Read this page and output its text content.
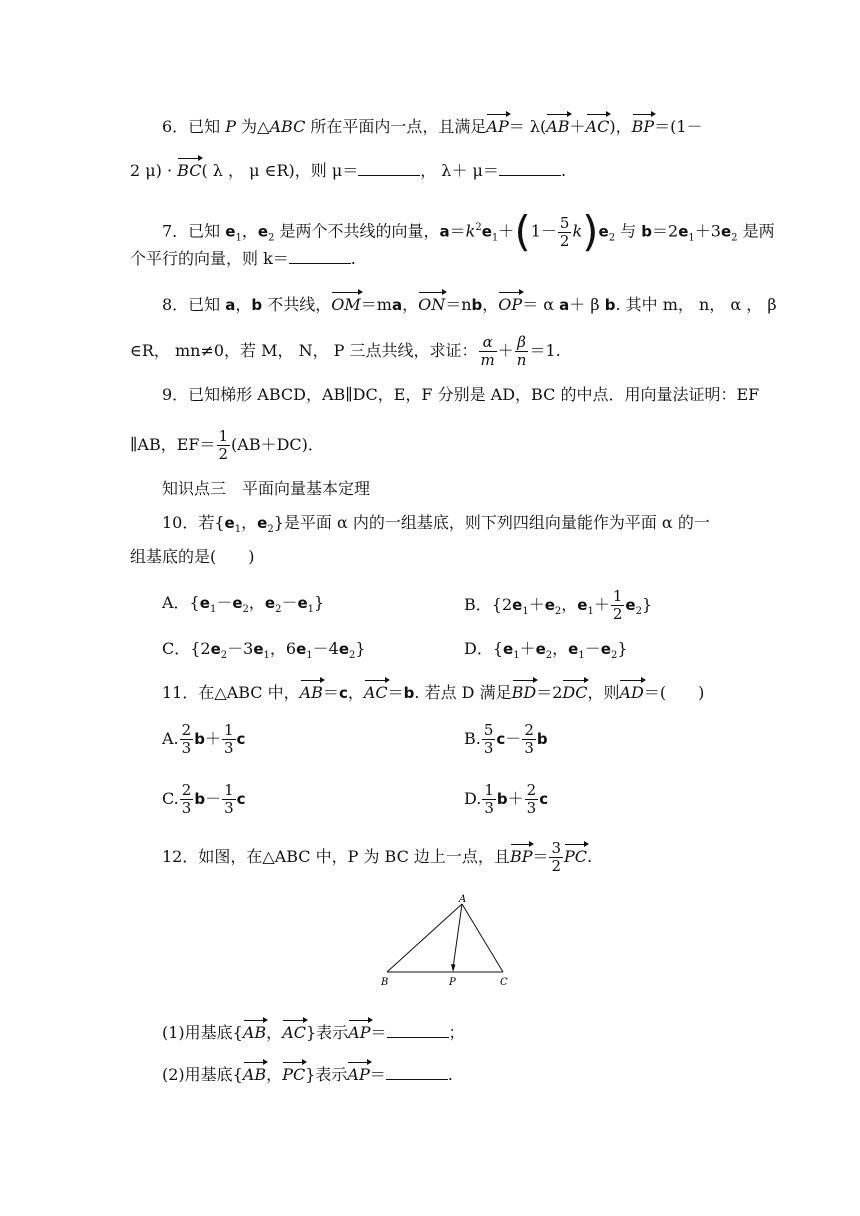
6．已知 P 为△ABC 所在平面内一点，且满足AP＝ λ(AB＋AC)，BP＝(1－
2 μ) · BC( λ ， μ ∈R)，则 μ＝	， λ＋ μ＝	.
7．已知 $e_1$，$e_2$ 是两个不共线的向量，$a=k^2e_1+(1- \frac{5}{2} k)e_2$ 与 $b=2e_1+3e_2$ 是两
个平行的向量，则 k＝	.
8．已知 a，b 不共线，OM＝ma，ON＝nb，OP＝ α a＋ β b. 其中 m， n， α ， β
∈R， mn≠0，若 M， N， P 三点共线，求证： $\frac{\alpha}{m} + \frac{\beta}{n} =1$.
9．已知梯形 ABCD，AB∥DC，E，F 分别是 AD，BC 的中点．用向量法证明：EF
∥AB，$EF= \frac{1}{2} (AB+DC)$．
知识点三　平面向量基本定理
10．若{$e_1$，$e_2$}是平面 α 内的一组基底，则下列四组向量能作为平面 α 的一
组基底的是(　　)
A．{$e_1-e_2$，$e_2-e_1$}	B．{$2e_1+e_2$，$e_1+ \frac{1}{2} e_2$}
C．{$2e_2-3e_1$，$6e_1-4e_2$}	D．{$e_1+e_2$，$e_1-e_2$}
11．在△ABC 中，AB＝c，AC＝b. 若点 D 满足BD＝2DC，则AD＝(　　)
A. $\frac{2}{3} b+ \frac{1}{3}$ c	B. $\frac{5}{3} c- \frac{2}{3}$ b
C. $\frac{2}{3} b- \frac{1}{3}$ c	D. $\frac{1}{3} b+ \frac{2}{3}$ c
12．如图，在△ABC 中，P 为 BC 边上一点，且$BP= \frac{3}{2}$ PC.
A
B	P	C
(1)用基底{AB，AC}表示AP＝	；
(2)用基底{AB，PC}表示AP＝	.
